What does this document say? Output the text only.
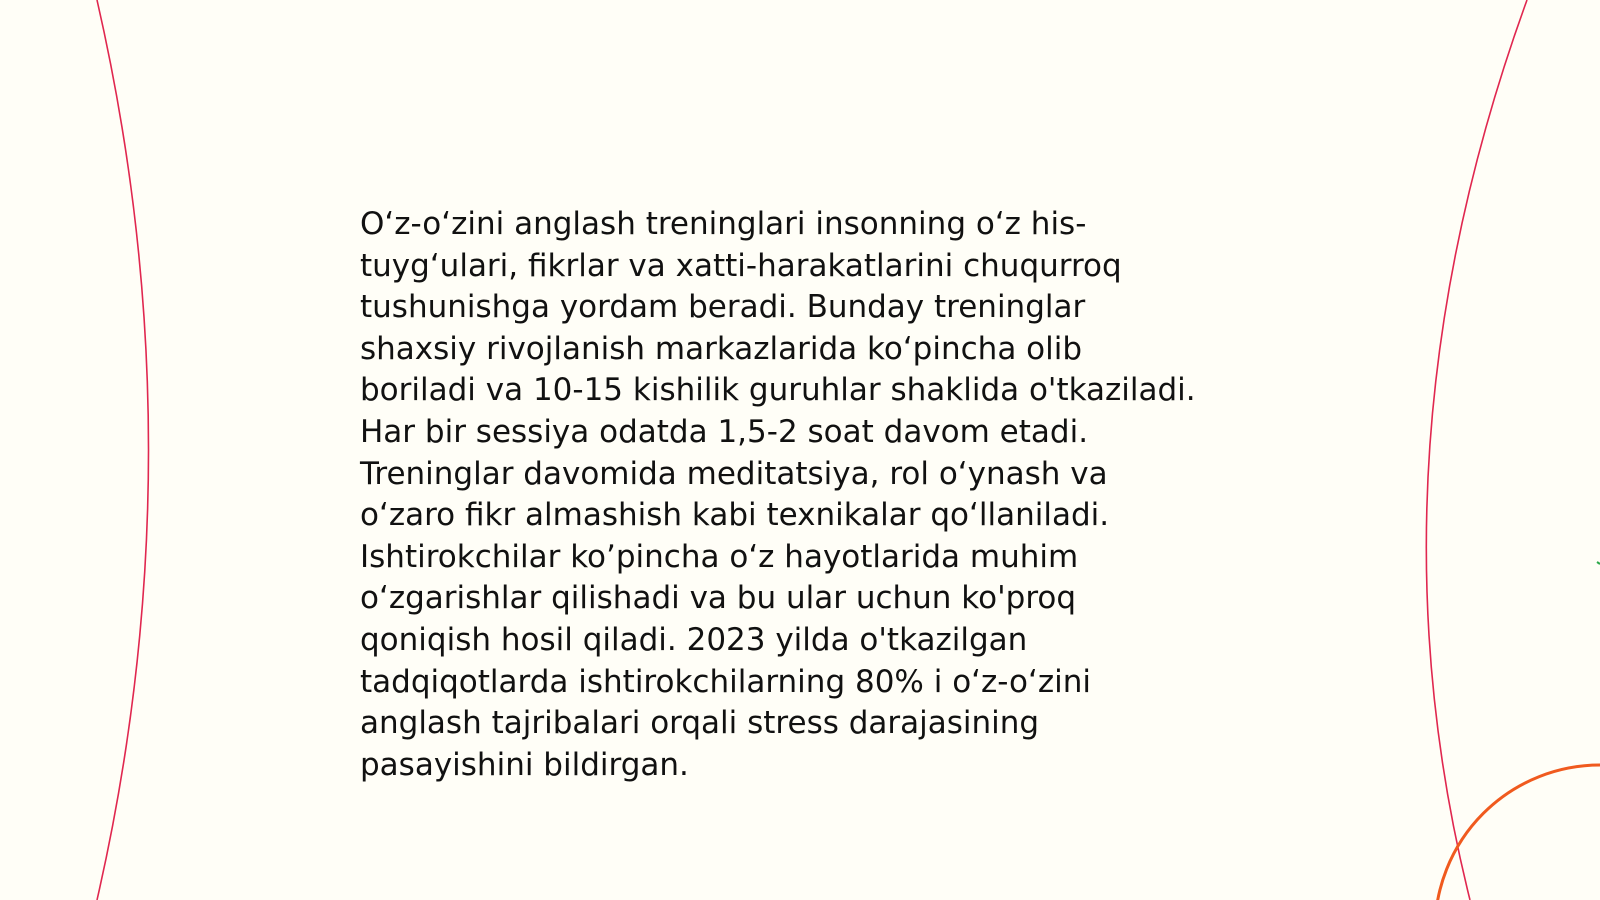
O‘z-o‘zini anglash treninglari insonning o‘z his-
tuyg‘ulari, fikrlar va xatti-harakatlarini chuqurroq
tushunishga yordam beradi. Bunday treninglar
shaxsiy rivojlanish markazlarida ko‘pincha olib
boriladi va 10-15 kishilik guruhlar shaklida o'tkaziladi.
Har bir sessiya odatda 1,5-2 soat davom etadi.
Treninglar davomida meditatsiya, rol o‘ynash va
o‘zaro fikr almashish kabi texnikalar qo‘llaniladi.
Ishtirokchilar ko’pincha o‘z hayotlarida muhim
o‘zgarishlar qilishadi va bu ular uchun ko'proq
qoniqish hosil qiladi. 2023 yilda o'tkazilgan
tadqiqotlarda ishtirokchilarning 80% i o‘z-o‘zini
anglash tajribalari orqali stress darajasining
pasayishini bildirgan.
